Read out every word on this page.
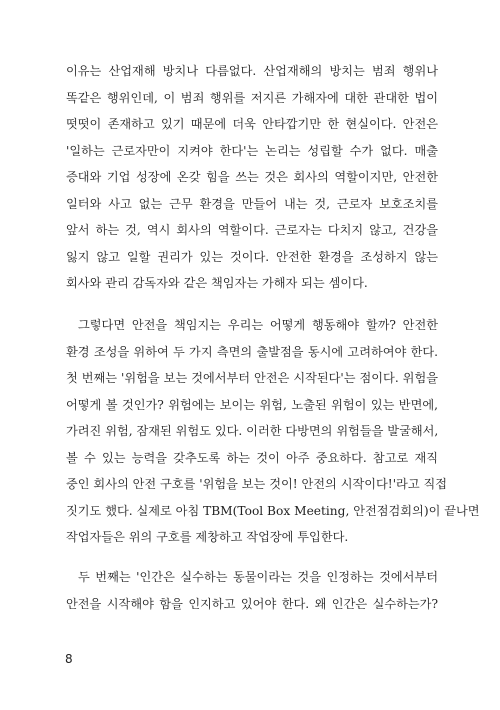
이유는 산업재해 방치나 다름없다. 산업재해의 방치는 범죄 행위나
똑같은 행위인데, 이 범죄 행위를 저지른 가해자에 대한 관대한 법이
떳떳이 존재하고 있기 때문에 더욱 안타깝기만 한 현실이다. 안전은
'일하는 근로자만이 지켜야 한다'는 논리는 성립할 수가 없다. 매출
증대와 기업 성장에 온갖 힘을 쓰는 것은 회사의 역할이지만, 안전한
일터와 사고 없는 근무 환경을 만들어 내는 것, 근로자 보호조치를
앞서 하는 것, 역시 회사의 역할이다. 근로자는 다치지 않고, 건강을
잃지 않고 일할 권리가 있는 것이다. 안전한 환경을 조성하지 않는
회사와 관리 감독자와 같은 책임자는 가해자 되는 셈이다.
그렇다면 안전을 책임지는 우리는 어떻게 행동해야 할까? 안전한
환경 조성을 위하여 두 가지 측면의 출발점을 동시에 고려하여야 한다.
첫 번째는 '위험을 보는 것에서부터 안전은 시작된다'는 점이다. 위험을
어떻게 볼 것인가? 위험에는 보이는 위험, 노출된 위험이 있는 반면에,
가려진 위험, 잠재된 위험도 있다. 이러한 다방면의 위험들을 발굴해서,
볼 수 있는 능력을 갖추도록 하는 것이 아주 중요하다. 참고로 재직
중인 회사의 안전 구호를 '위험을 보는 것이! 안전의 시작이다!'라고 직접
짓기도 했다. 실제로 아침 TBM(Tool Box Meeting, 안전점검회의)이 끝나면
작업자들은 위의 구호를 제창하고 작업장에 투입한다.
두 번째는 '인간은 실수하는 동물이라는 것을 인정하는 것에서부터
안전을 시작해야 함을 인지하고 있어야 한다. 왜 인간은 실수하는가?
8
